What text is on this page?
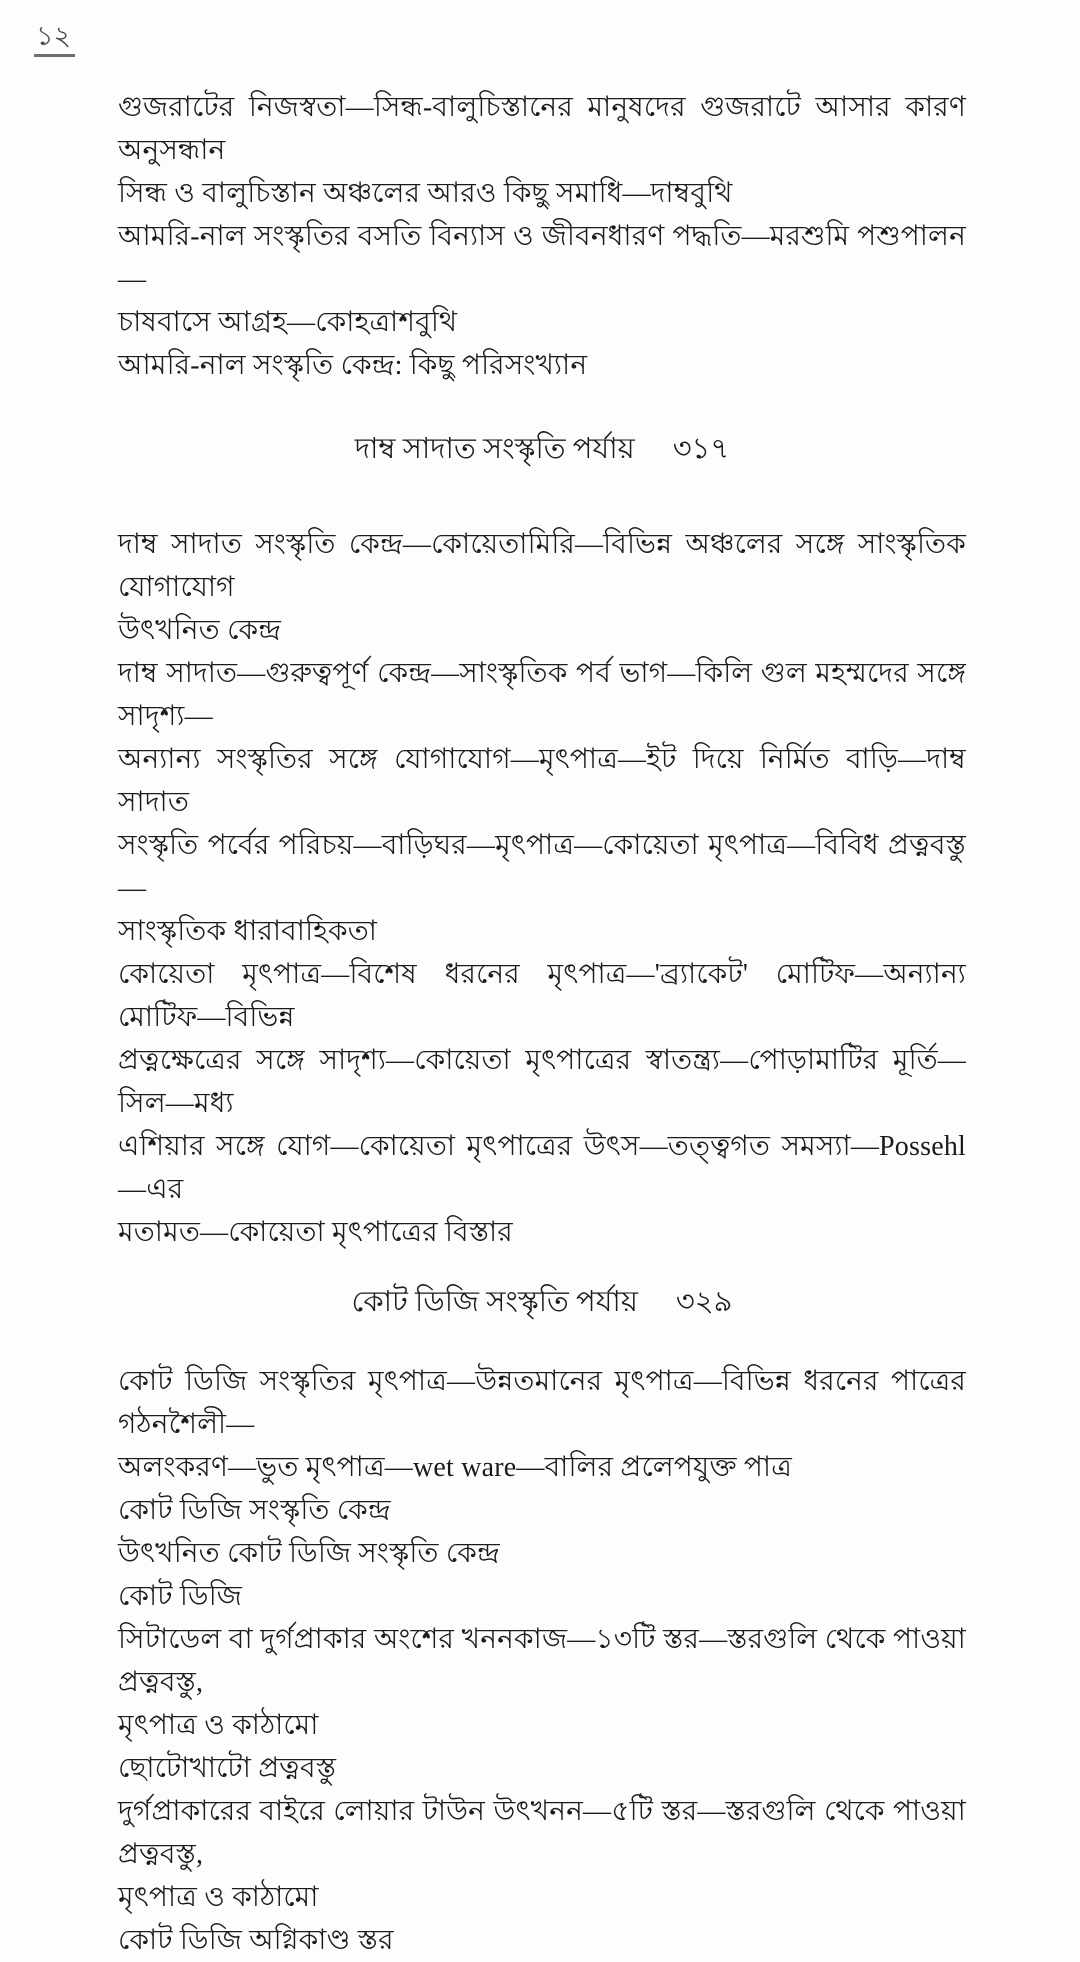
১২

গুজরাটের নিজস্বতা—সিন্ধ-বালুচিস্তানের মানুষদের গুজরাটে আসার কারণ অনুসন্ধান

সিন্ধ ও বালুচিস্তান অঞ্চলের আরও কিছু সমাধি—দাম্ববুথি

আমরি-নাল সংস্কৃতির বসতি বিন্যাস ও জীবনধারণ পদ্ধতি—মরশুমি পশুপালন—

চাষবাসে আগ্রহ—কোহত্রাশবুথি

আমরি-নাল সংস্কৃতি কেন্দ্র: কিছু পরিসংখ্যান

দাম্ব সাদাত সংস্কৃতি পর্যায় ৩১৭

দাম্ব সাদাত সংস্কৃতি কেন্দ্র—কোয়েতামিরি—বিভিন্ন অঞ্চলের সঙ্গে সাংস্কৃতিক যোগাযোগ

উৎখনিত কেন্দ্র

দাম্ব সাদাত—গুরুত্বপূর্ণ কেন্দ্র—সাংস্কৃতিক পর্ব ভাগ—কিলি গুল মহম্মদের সঙ্গে সাদৃশ্য—

অন্যান্য সংস্কৃতির সঙ্গে যোগাযোগ—মৃৎপাত্র—ইট দিয়ে নির্মিত বাড়ি—দাম্ব সাদাত

সংস্কৃতি পর্বের পরিচয়—বাড়িঘর—মৃৎপাত্র—কোয়েতা মৃৎপাত্র—বিবিধ প্রত্নবস্তু—

সাংস্কৃতিক ধারাবাহিকতা

কোয়েতা মৃৎপাত্র—বিশেষ ধরনের মৃৎপাত্র—'ব্র্যাকেট' মোটিফ—অন্যান্য মোটিফ—বিভিন্ন

প্রত্নক্ষেত্রের সঙ্গে সাদৃশ্য—কোয়েতা মৃৎপাত্রের স্বাতন্ত্র্য—পোড়ামাটির মূর্তি—সিল—মধ্য

এশিয়ার সঙ্গে যোগ—কোয়েতা মৃৎপাত্রের উৎস—তত্ত্বগত সমস্যা—Possehl—এর

মতামত—কোয়েতা মৃৎপাত্রের বিস্তার

কোট ডিজি সংস্কৃতি পর্যায় ৩২৯

কোট ডিজি সংস্কৃতির মৃৎপাত্র—উন্নতমানের মৃৎপাত্র—বিভিন্ন ধরনের পাত্রের গঠনশৈলী—

অলংকরণ—ভুত মৃৎপাত্র—wet ware—বালির প্রলেপযুক্ত পাত্র

কোট ডিজি সংস্কৃতি কেন্দ্র

উৎখনিত কোট ডিজি সংস্কৃতি কেন্দ্র

কোট ডিজি

সিটাডেল বা দুর্গপ্রাকার অংশের খননকাজ—১৩টি স্তর—স্তরগুলি থেকে পাওয়া প্রত্নবস্তু,

মৃৎপাত্র ও কাঠামো

ছোটোখাটো প্রত্নবস্তু

দুর্গপ্রাকারের বাইরে লোয়ার টাউন উৎখনন—৫টি স্তর—স্তরগুলি থেকে পাওয়া প্রত্নবস্তু,

মৃৎপাত্র ও কাঠামো

কোট ডিজি অগ্নিকাণ্ড স্তর
